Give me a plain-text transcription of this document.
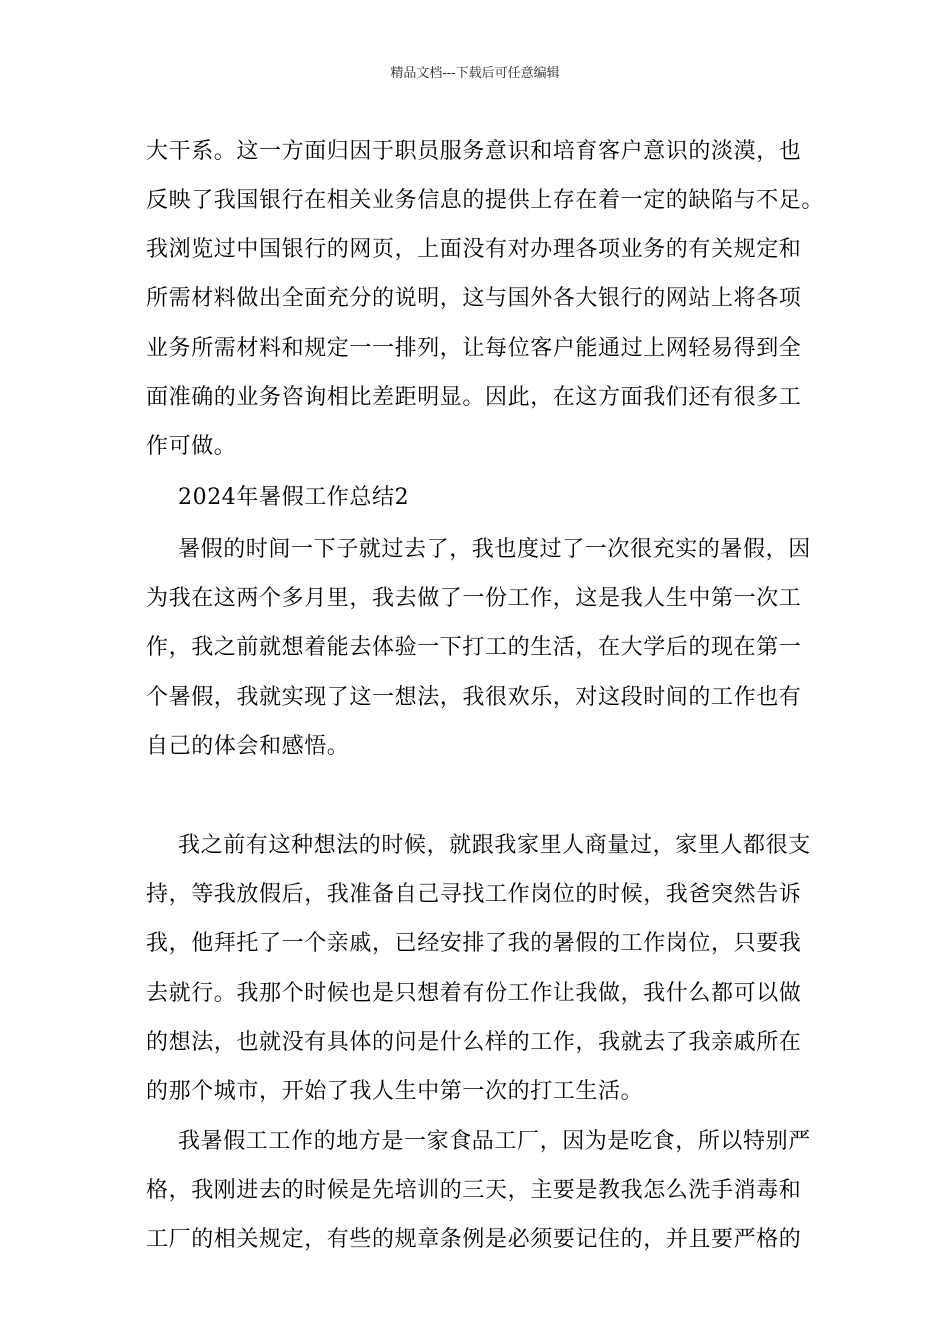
精品文档---下载后可任意编辑
大干系。这一方面归因于职员服务意识和培育客户意识的淡漠，也
反映了我国银行在相关业务信息的提供上存在着一定的缺陷与不足。
我浏览过中国银行的网页，上面没有对办理各项业务的有关规定和
所需材料做出全面充分的说明，这与国外各大银行的网站上将各项
业务所需材料和规定一一排列，让每位客户能通过上网轻易得到全
面准确的业务咨询相比差距明显。因此，在这方面我们还有很多工
作可做。
2024年暑假工作总结2
暑假的时间一下子就过去了，我也度过了一次很充实的暑假，因
为我在这两个多月里，我去做了一份工作，这是我人生中第一次工
作，我之前就想着能去体验一下打工的生活，在大学后的现在第一
个暑假，我就实现了这一想法，我很欢乐，对这段时间的工作也有
自己的体会和感悟。
我之前有这种想法的时候，就跟我家里人商量过，家里人都很支
持，等我放假后，我准备自己寻找工作岗位的时候，我爸突然告诉
我，他拜托了一个亲戚，已经安排了我的暑假的工作岗位，只要我
去就行。我那个时候也是只想着有份工作让我做，我什么都可以做
的想法，也就没有具体的问是什么样的工作，我就去了我亲戚所在
的那个城市，开始了我人生中第一次的打工生活。
我暑假工工作的地方是一家食品工厂，因为是吃食，所以特别严
格，我刚进去的时候是先培训的三天，主要是教我怎么洗手消毒和
工厂的相关规定，有些的规章条例是必须要记住的，并且要严格的
